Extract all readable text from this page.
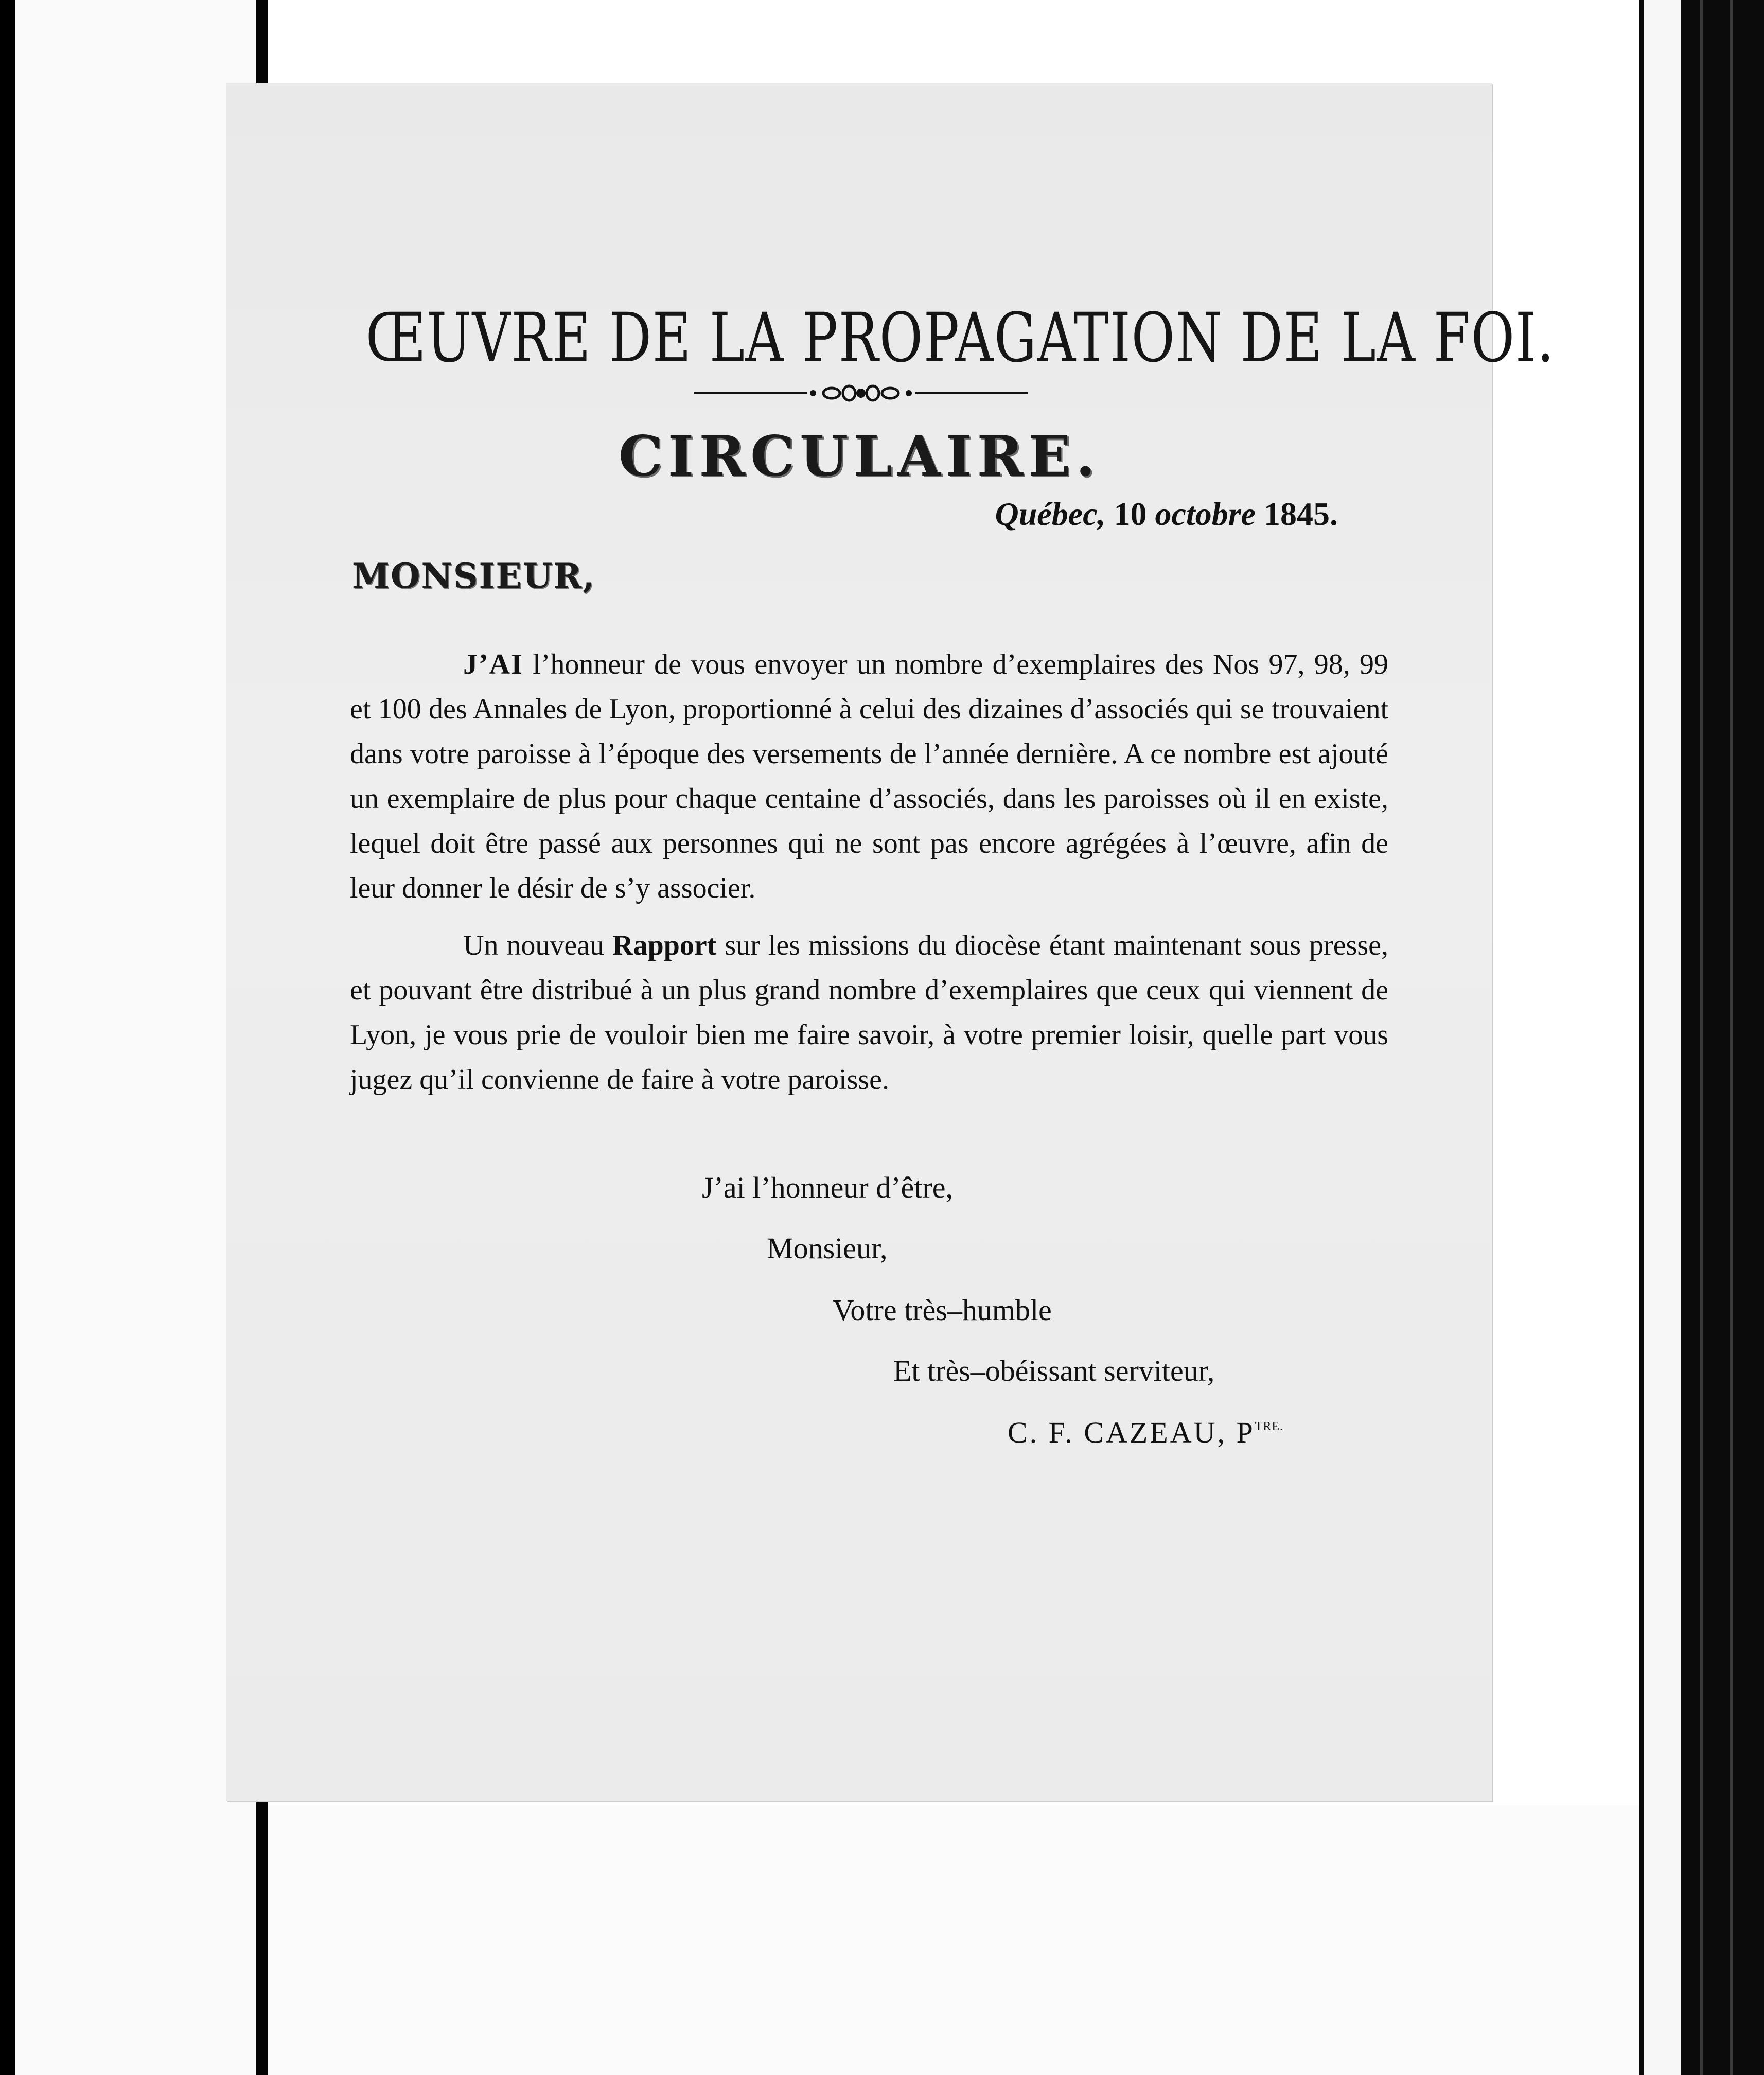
ŒUVRE DE LA PROPAGATION DE LA FOI.
CIRCULAIRE.
Québec, 10 octobre 1845.
MONSIEUR,
J’AI l’honneur de vous envoyer un nombre d’exemplaires des Nos 97, 98, 99 et 100 des Annales de Lyon, proportionné à celui des dizaines d’associés qui se trouvaient dans votre paroisse à l’époque des versements de l’année dernière. A ce nombre est ajouté un exemplaire de plus pour chaque centaine d’associés, dans les paroisses où il en existe, lequel doit être passé aux personnes qui ne sont pas encore agrégées à l’œuvre, afin de leur donner le désir de s’y associer.
Un nouveau Rapport sur les missions du diocèse étant maintenant sous presse, et pouvant être distribué à un plus grand nombre d’exemplaires que ceux qui viennent de Lyon, je vous prie de vouloir bien me faire savoir, à votre premier loisir, quelle part vous jugez qu’il convienne de faire à votre paroisse.
J’ai l’honneur d’être,
Monsieur,
Votre très–humble
Et très–obéissant serviteur,
C. F. CAZEAU, $P^{TRE.}$
